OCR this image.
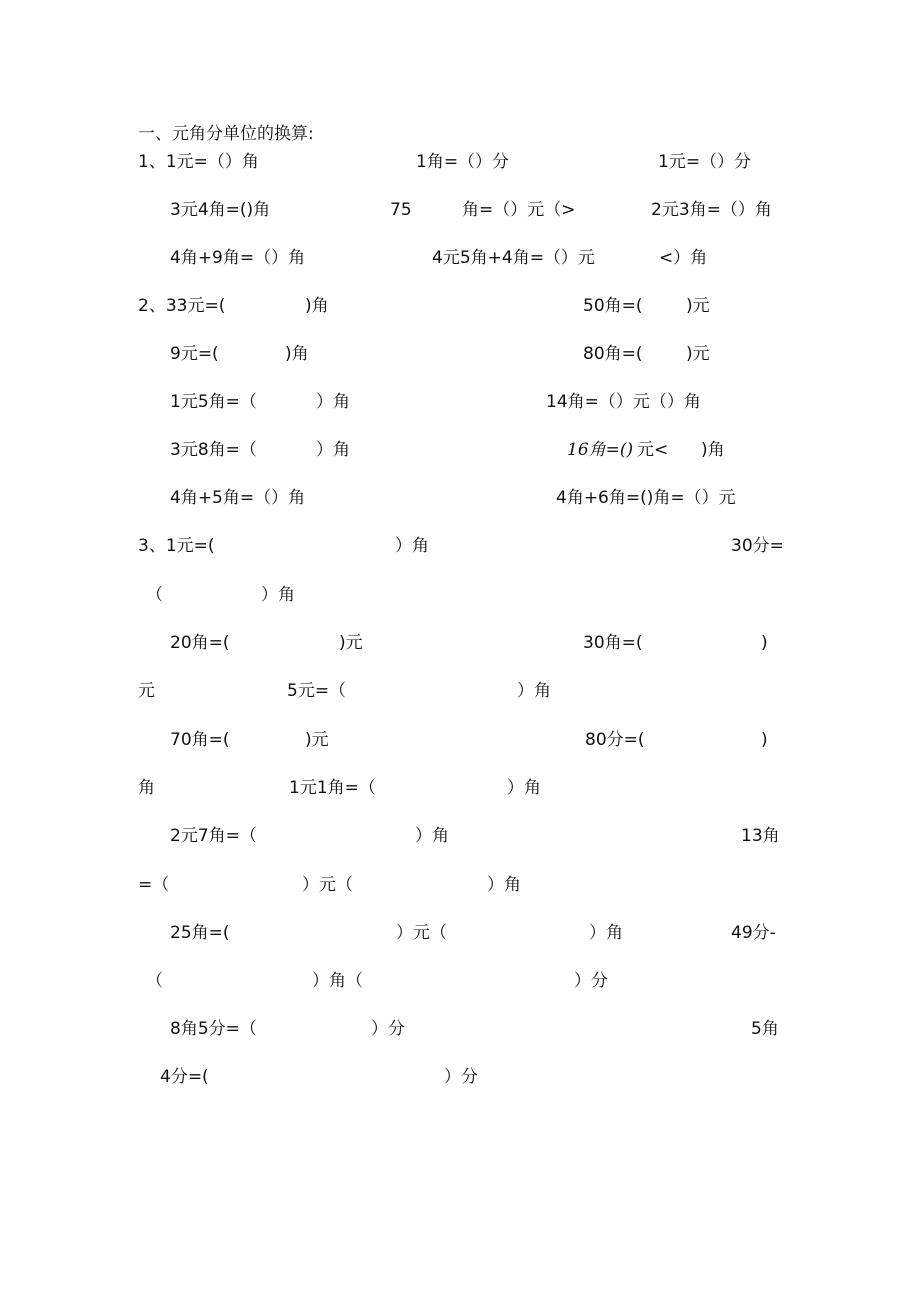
一、元角分单位的换算:
1、1元=（）角	1角=（）分	1元=（）分
3元4角=()角	75	角=（）元（>	2元3角=（）角
4角+9角=（）角	4元5角+4角=（）元	<）角
2、33元=(	)角	50角=(	)元
9元=(	)角	80角=(	)元
1元5角=（	）角	14角=（）元（）角
3元8角=（	）角	16角=() 元< )角
4角+5角=（）角	4角+6角=()角=（）元
3、1元=(	）角	30分=
（	）角
20角=(	)元	30角=(	)
元	5元=（	）角
70角=(	)元	80分=(	)
角	1元1角=（	）角
2元7角=（	）角	13角
=（	）元（	）角
25角=(	）元（	）角	49分-
（	）角（	）分
8角5分=（	）分	5角
4分=(	）分
